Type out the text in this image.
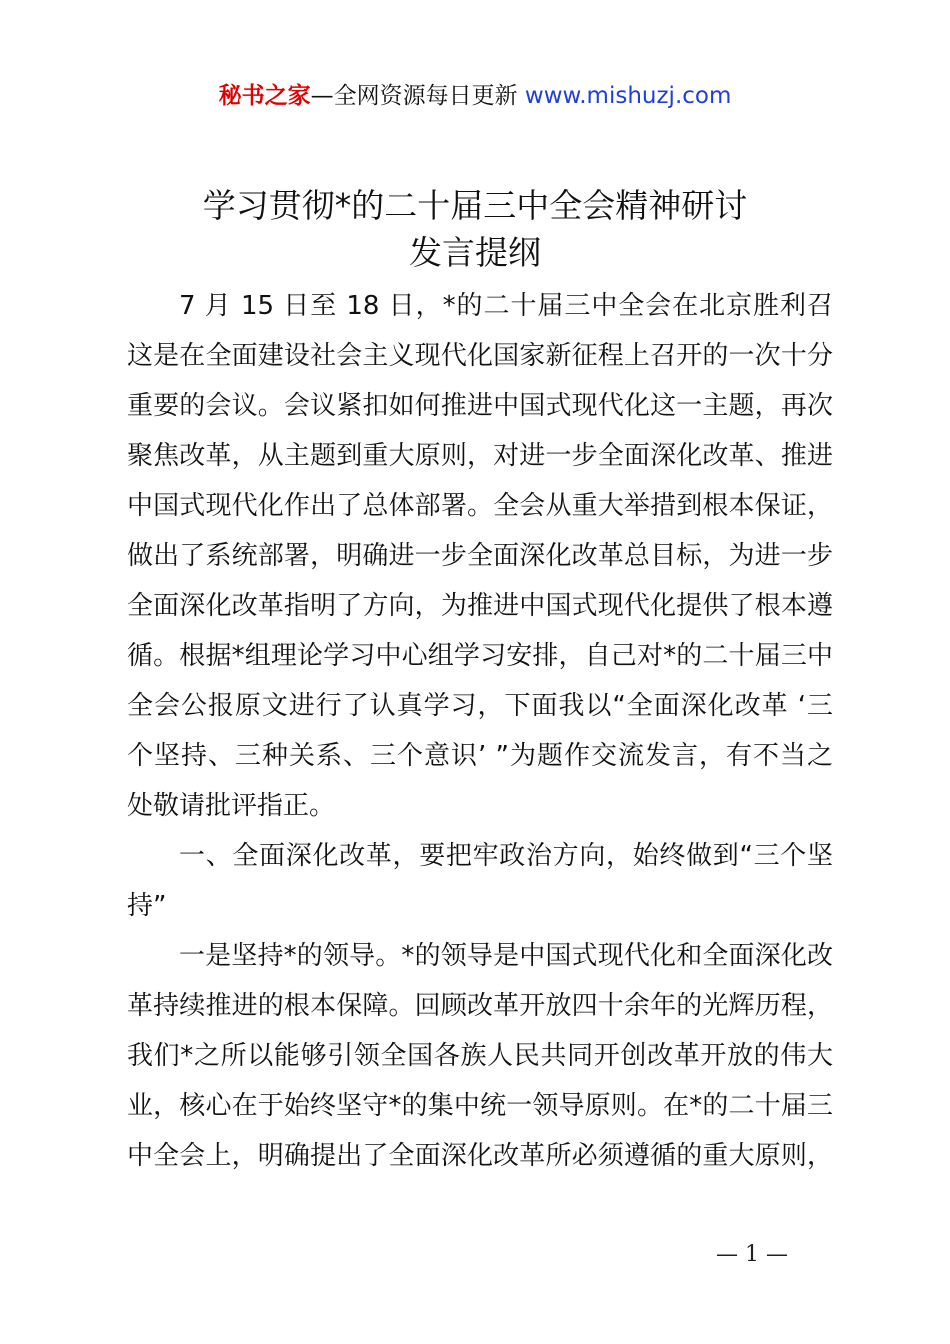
秘书之家—全网资源每日更新 www.mishuzj.com
学习贯彻*的二十届三中全会精神研讨
发言提纲
7 月 15 日至 18 日，*的二十届三中全会在北京胜利召
这是在全面建设社会主义现代化国家新征程上召开的一次十分
重要的会议。会议紧扣如何推进中国式现代化这一主题，再次
聚焦改革，从主题到重大原则，对进一步全面深化改革、推进
中国式现代化作出了总体部署。全会从重大举措到根本保证，
做出了系统部署，明确进一步全面深化改革总目标，为进一步
全面深化改革指明了方向，为推进中国式现代化提供了根本遵
循。根据*组理论学习中心组学习安排，自己对*的二十届三中
全会公报原文进行了认真学习，下面我以“全面深化改革 ‘三
个坚持、三种关系、三个意识’ ”为题作交流发言，有不当之
处敬请批评指正。
一、全面深化改革，要把牢政治方向，始终做到“三个坚
持”
一是坚持*的领导。*的领导是中国式现代化和全面深化改
革持续推进的根本保障。回顾改革开放四十余年的光辉历程，
我们*之所以能够引领全国各族人民共同开创改革开放的伟大
业，核心在于始终坚守*的集中统一领导原则。在*的二十届三
中全会上，明确提出了全面深化改革所必须遵循的重大原则，
— 1 —
